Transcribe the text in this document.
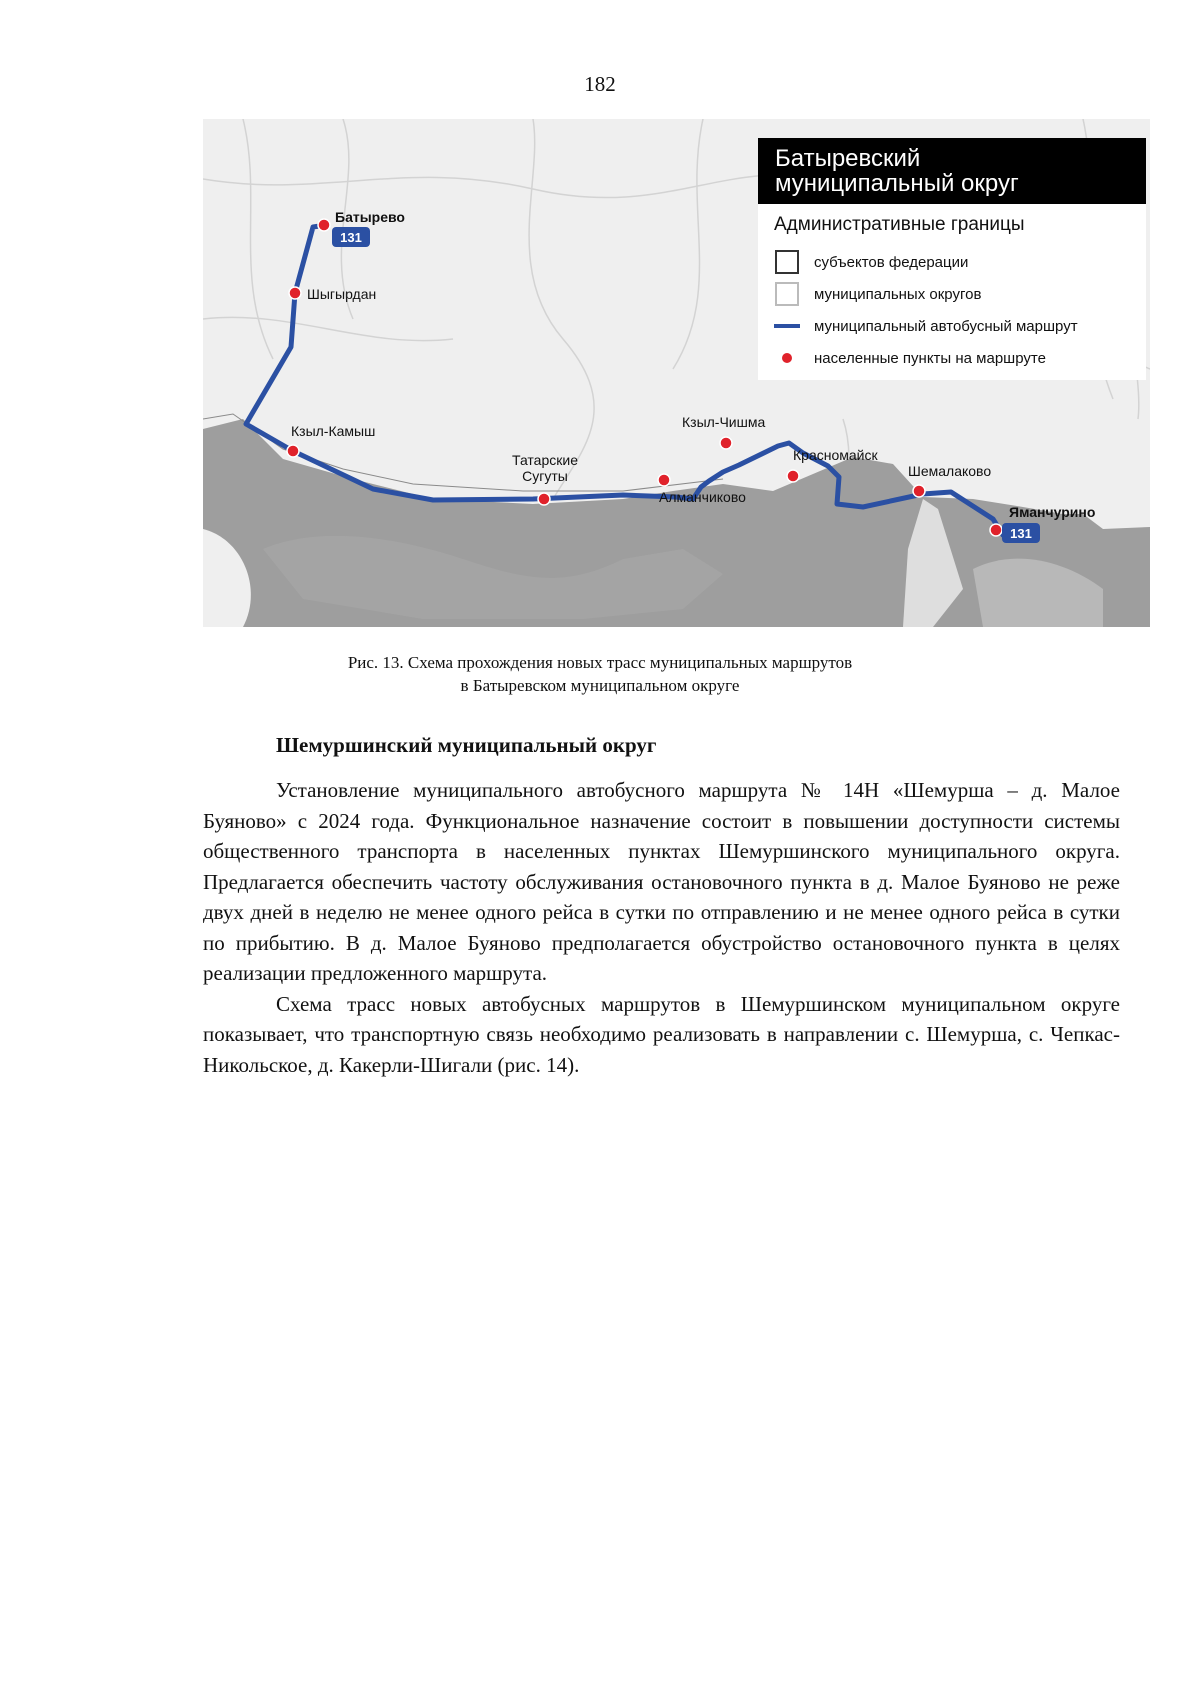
182
131
131
Батырево
Шыгырдан
Кзыл-Камыш
Татарские
Сугуты
Алманчиково
Кзыл-Чишма
Красномайск
Шемалаково
Яманчурино
Батыревский
муниципальный округ
Административные границы
субъектов федерации
муниципальных округов
муниципальный автобусный маршрут
населенные пункты на маршруте
Рис. 13. Схема прохождения новых трасс муниципальных маршрутов
в Батыревском муниципальном округе
Шемуршинский муниципальный округ

Установление муниципального автобусного маршрута № 14Н «Шемурша – д. Малое Буяново» с 2024 года. Функциональное назначение состоит в повышении доступности системы общественного транспорта в населенных пунктах Шемуршинского муниципального округа. Предлагается обеспечить частоту обслуживания остановочного пункта в д. Малое Буяново не реже двух дней в неделю не менее одного рейса в сутки по отправлению и не менее одного рейса в сутки по прибытию. В д. Малое Буяново предполагается обустройство остановочного пункта в целях реализации предложенного маршрута.

Схема трасс новых автобусных маршрутов в Шемуршинском муниципальном округе показывает, что транспортную связь необходимо реализовать в направлении с. Шемурша, с. Чепкас-Никольское, д. Какерли-Шигали (рис. 14).
